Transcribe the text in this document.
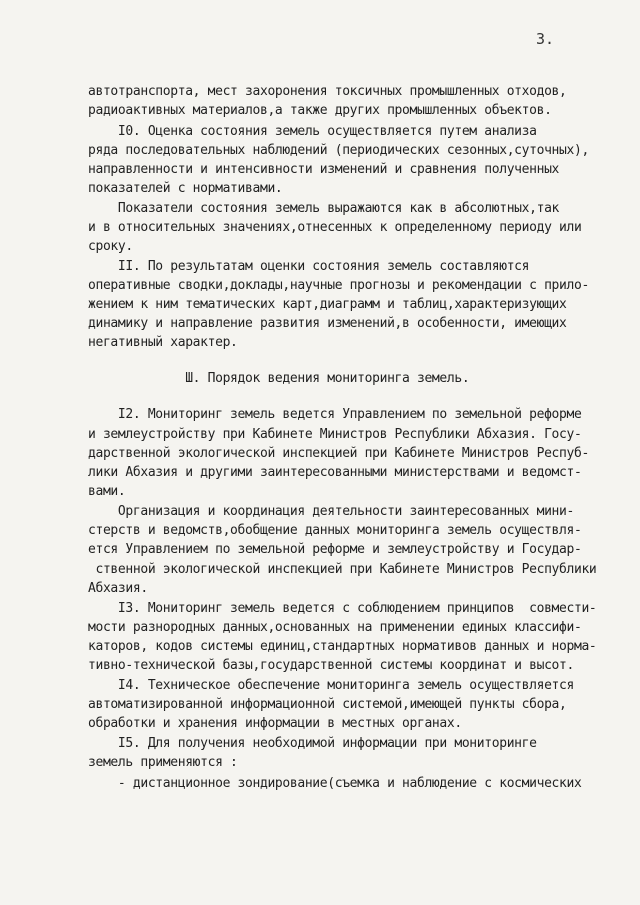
3.
автотранспорта, мест захоронения токсичных промышленных отходов,
радиоактивных материалов,а также других промышленных объектов.
I0. Оценка состояния земель осуществляется путем анализа
ряда последовательных наблюдений (периодических сезонных,суточных),
направленности и интенсивности изменений и сравнения полученных
показателей с нормативами.
Показатели состояния земель выражаются как в абсолютных,так
и в относительных значениях,отнесенных к определенному периоду или
сроку.
II. По результатам оценки состояния земель составляются
оперативные сводки,доклады,научные прогнозы и рекомендации с прило-
жением к ним тематических карт,диаграмм и таблиц,характеризующих
динамику и направление развития изменений,в особенности, имеющих
негативный характер.
Ш. Порядок ведения мониторинга земель.
I2. Мониторинг земель ведется Управлением по земельной реформе
и землеустройству при Кабинете Министров Республики Абхазия. Госу-
дарственной экологической инспекцией при Кабинете Министров Респуб-
лики Абхазия и другими заинтересованными министерствами и ведомст-
вами.
Организация и координация деятельности заинтересованных мини-
стерств и ведомств,обобщение данных мониторинга земель осуществля-
ется Управлением по земельной реформе и землеустройству и Государ-
ственной экологической инспекцией при Кабинете Министров Республики
Абхазия.
I3. Мониторинг земель ведется с соблюдением принципов  совмести-
мости разнородных данных,основанных на применении единых классифи-
каторов, кодов системы единиц,стандартных нормативов данных и норма-
тивно-технической базы,государственной системы координат и высот.
I4. Техническое обеспечение мониторинга земель осуществляется
автоматизированной информационной системой,имеющей пункты сбора,
обработки и хранения информации в местных органах.
I5. Для получения необходимой информации при мониторинге
земель применяются :
- дистанционное зондирование(съемка и наблюдение с космических
